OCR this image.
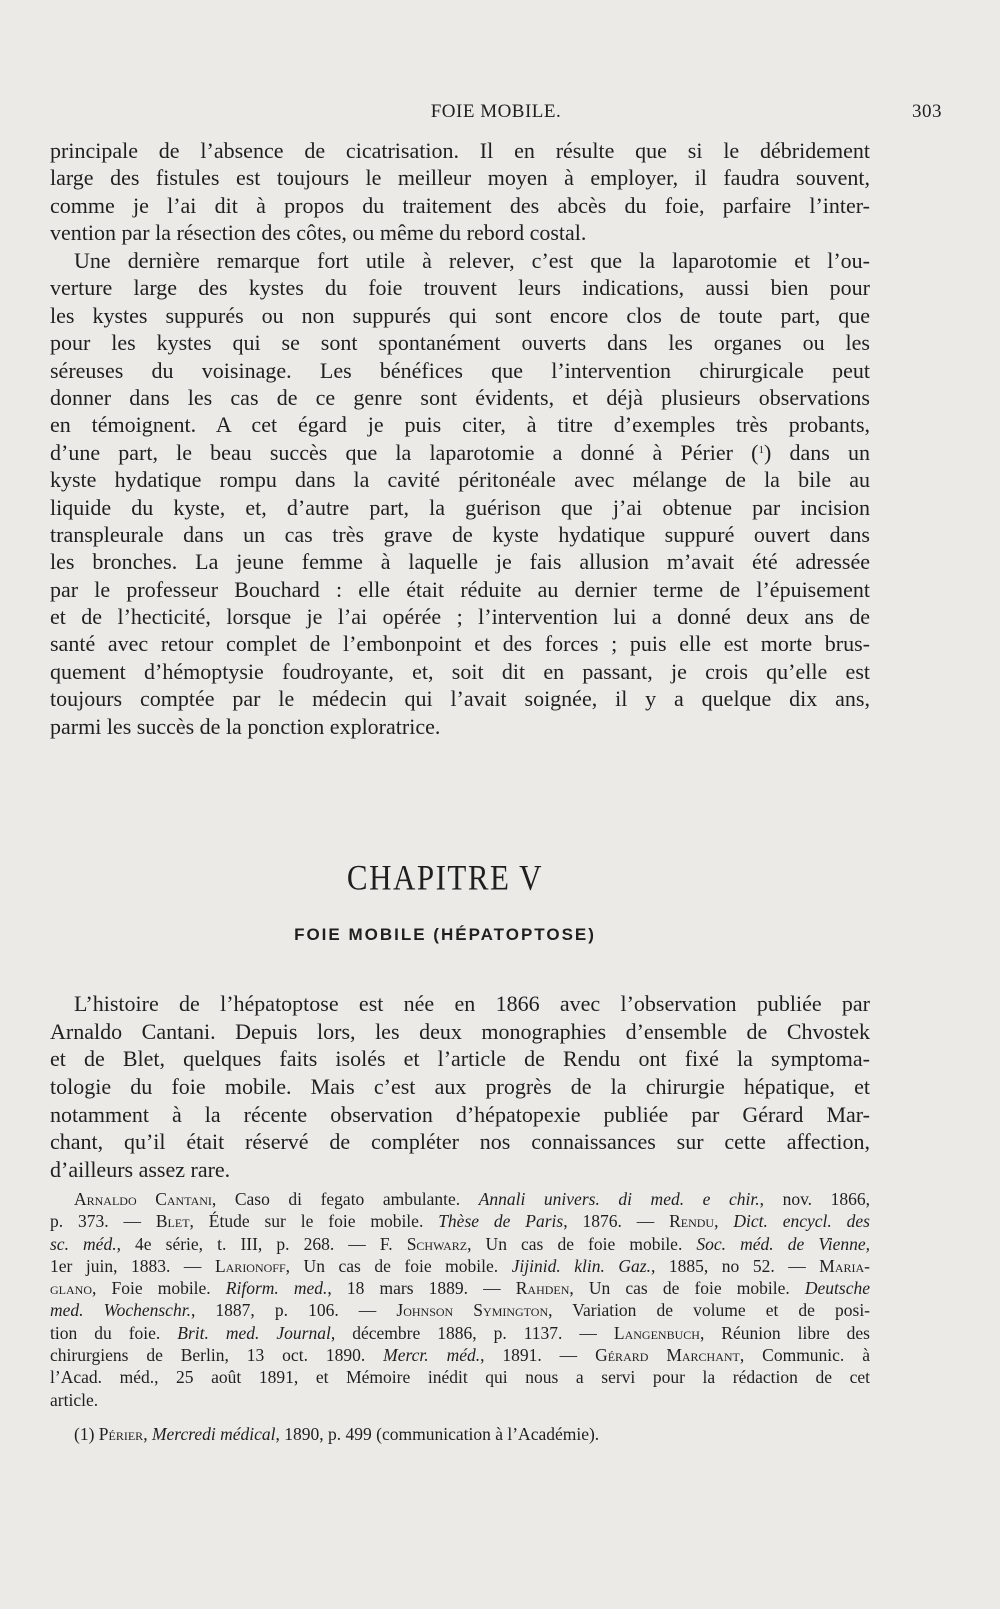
FOIE MOBILE.	303
principale de l’absence de cicatrisation. Il en résulte que si le débridement
large des fistules est toujours le meilleur moyen à employer, il faudra souvent,
comme je l’ai dit à propos du traitement des abcès du foie, parfaire l’inter-
vention par la résection des côtes, ou même du rebord costal.
Une dernière remarque fort utile à relever, c’est que la laparotomie et l’ou-
verture large des kystes du foie trouvent leurs indications, aussi bien pour
les kystes suppurés ou non suppurés qui sont encore clos de toute part, que
pour les kystes qui se sont spontanément ouverts dans les organes ou les
séreuses du voisinage. Les bénéfices que l’intervention chirurgicale peut
donner dans les cas de ce genre sont évidents, et déjà plusieurs observations
en témoignent. A cet égard je puis citer, à titre d’exemples très probants,
d’une part, le beau succès que la laparotomie a donné à Périer ($^1$) dans un
kyste hydatique rompu dans la cavité péritonéale avec mélange de la bile au
liquide du kyste, et, d’autre part, la guérison que j’ai obtenue par incision
transpleurale dans un cas très grave de kyste hydatique suppuré ouvert dans
les bronches. La jeune femme à laquelle je fais allusion m’avait été adressée
par le professeur Bouchard : elle était réduite au dernier terme de l’épuisement
et de l’hecticité, lorsque je l’ai opérée ; l’intervention lui a donné deux ans de
santé avec retour complet de l’embonpoint et des forces ; puis elle est morte brus-
quement d’hémoptysie foudroyante, et, soit dit en passant, je crois qu’elle est
toujours comptée par le médecin qui l’avait soignée, il y a quelque dix ans,
parmi les succès de la ponction exploratrice.
CHAPITRE V
FOIE MOBILE (HÉPATOPTOSE)
L’histoire de l’hépatoptose est née en 1866 avec l’observation publiée par
Arnaldo Cantani. Depuis lors, les deux monographies d’ensemble de Chvostek
et de Blet, quelques faits isolés et l’article de Rendu ont fixé la symptoma-
tologie du foie mobile. Mais c’est aux progrès de la chirurgie hépatique, et
notamment à la récente observation d’hépatopexie publiée par Gérard Mar-
chant, qu’il était réservé de compléter nos connaissances sur cette affection,
d’ailleurs assez rare.
Arnaldo Cantani, Caso di fegato ambulante. Annali univers. di med. e chir., nov. 1866,
p. 373. — Blet, Étude sur le foie mobile. Thèse de Paris, 1876. — Rendu, Dict. encycl. des
sc. méd., 4e série, t. III, p. 268. — F. Schwarz, Un cas de foie mobile. Soc. méd. de Vienne,
1er juin, 1883. — Larionoff, Un cas de foie mobile. Jijinid. klin. Gaz., 1885, no 52. — Maria-
glano, Foie mobile. Riform. med., 18 mars 1889. — Rahden, Un cas de foie mobile. Deutsche
med. Wochenschr., 1887, p. 106. — Johnson Symington, Variation de volume et de posi-
tion du foie. Brit. med. Journal, décembre 1886, p. 1137. — Langenbuch, Réunion libre des
chirurgiens de Berlin, 13 oct. 1890. Mercr. méd., 1891. — Gérard Marchant, Communic. à
l’Acad. méd., 25 août 1891, et Mémoire inédit qui nous a servi pour la rédaction de cet
article.
(1) Périer, Mercredi médical, 1890, p. 499 (communication à l’Académie).
